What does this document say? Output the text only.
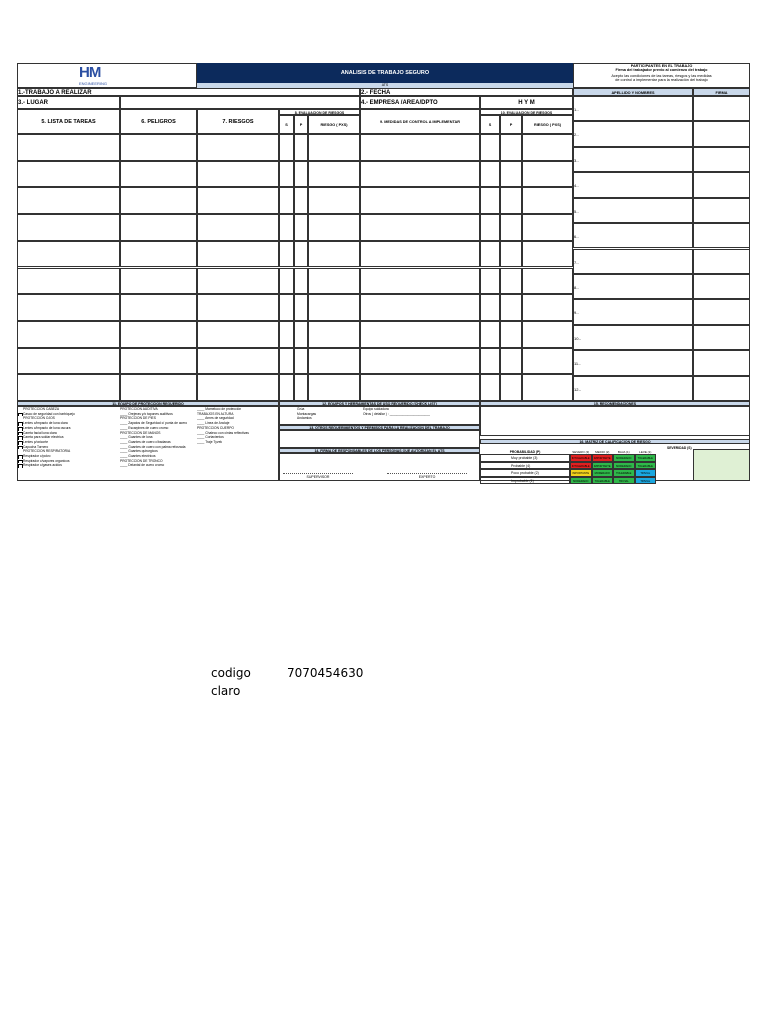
HM
ENGINEERING
ANALISIS DE TRABAJO SEGURO
ATS
PARTICIPANTES EN EL TRABAJO
Firma del trabajador previo al comienzo del trabajo
Acepto las condiciones de las tareas, riesgos y las medidas
de control a implementar para la realización del trabajo
APELLIDO Y NOMBRES	FIRMA
1.-TRABAJO A REALIZAR	2.- FECHA
3.- LUGAR	4.- EMPRESA /AREA/DPTO	H Y M
5. LISTA DE TAREAS	6. PELIGROS	7. RIESGOS
8. EVALUACION DE RIESGOS
S	P	RIESGO ( PXS)
9. MEDIDAS DE CONTROL A IMPLEMENTAR
10. EVALUACION DE RIESGOS
S	P	RIESGO ( PXS)
1.-
2.-
3.-
4.-
5.-
6.-
7.-
8.-
9.-
10.-
11.-
12.-
11. EQUIPO DE PROTECCION REQUERIDO
PROTECCION CABEZA
Casco de seguridad con barbiquejo
PROTECCION OJOS
Lentes c/impacto de luna clara
Lentes c/impacto de luna oscura
Careta facial luna clara
Careta para soldar electrica
Lentes p/oxicorte
Capucha Tornero
PROTECCION RESPIRATORIA
Respirador c/polvo
Respirador c/vapores organicos
Respirador c/gases acidos
PROTECCION AUDITIVA
____ Orejeras y/o tapones auditivos
PROTECCION DE PIES
____ Zapatos de Seguridad c/ punta de acero
____ Escarpines de cuero cromo
PROTECCION DE MANOS
____ Guantes de lona
____ Guantes de cuero c/badanas
____ Guantes de cuero con palma reforzada
____ Guantes quirurgicos
____ Guantes electricos
PROTECCION DE TRONCO
____ Delantal de cuero cromo
____ Mameluco de protección
TRABAJOS EN ALTURA
____ Arnes de seguridad
____ Linea de Anclaje
PROTECCION CUERPO
____ Chaleco con cintas reflectivas
____ Cortavientos
____ Traje Tyvek
12. EQUIPOS Y HERRAMIENTAS DE USO REQUERIDO (CHECK LIST)
Grúa
Montacargas
Andamios
Equipo soldadura
Otros ( detallar ) : ______________________
13. OTROS REQUERIMIENTOS Y PERMISOS PARA LA REALIZACION DEL TRABAJO
14. FIRMA DE RESPONSABLES DE LOS PERSONAS QUE AUTORIZAN EL ATS
SUPERVISOR	EXPERTO
15. RECOMENDACIONES
16. MATRIZ DE CALIFICACION DE RIESGO
SEVERIDAD (S)
PROBABILIDAD (P)	SEVERO (3)	MEDIO (2)	BAJA (1)	LEVE (1)
Muy probable (3)	INTOLERABLE	IMPORTANTE	MODERADO	TOLERABLE
Probable (4)	INTOLERABLE	IMPORTANTE	MODERADO	TOLERABLE
Poco probable (2)	IMPORTANTE	MODERADO	TOLERABLE	TRIVIAL
Improbable (1)	MODERADO	TOLERABLE	TRIVIAL	TRIVIAL
codigo	7070454630
claro
